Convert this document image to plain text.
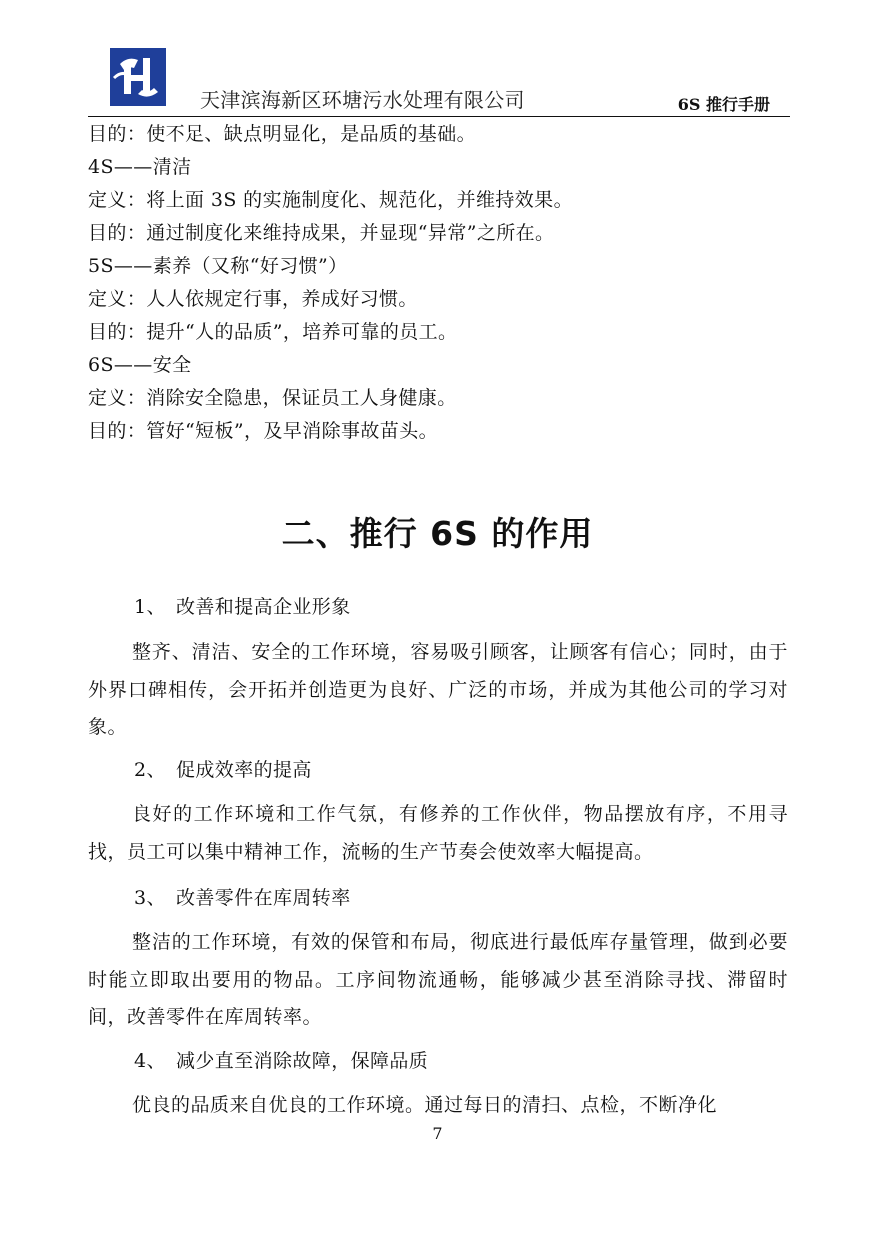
天津滨海新区环塘污水处理有限公司	6S 推行手册
目的：使不足、缺点明显化，是品质的基础。
4S——清洁
定义：将上面 3S 的实施制度化、规范化，并维持效果。
目的：通过制度化来维持成果，并显现“异常”之所在。
5S——素养（又称“好习惯”）
定义：人人依规定行事，养成好习惯。
目的：提升“人的品质”，培养可靠的员工。
6S——安全
定义：消除安全隐患，保证员工人身健康。
目的：管好“短板”，及早消除事故苗头。
二、推行 6S 的作用
1、 改善和提高企业形象
整齐、清洁、安全的工作环境，容易吸引顾客，让顾客有信心；同时，由于外界口碑相传，会开拓并创造更为良好、广泛的市场，并成为其他公司的学习对象。
2、 促成效率的提高
良好的工作环境和工作气氛，有修养的工作伙伴，物品摆放有序，不用寻找，员工可以集中精神工作，流畅的生产节奏会使效率大幅提高。
3、 改善零件在库周转率
整洁的工作环境，有效的保管和布局，彻底进行最低库存量管理，做到必要时能立即取出要用的物品。工序间物流通畅，能够减少甚至消除寻找、滞留时间，改善零件在库周转率。
4、 减少直至消除故障，保障品质
优良的品质来自优良的工作环境。通过每日的清扫、点检，不断净化
7
